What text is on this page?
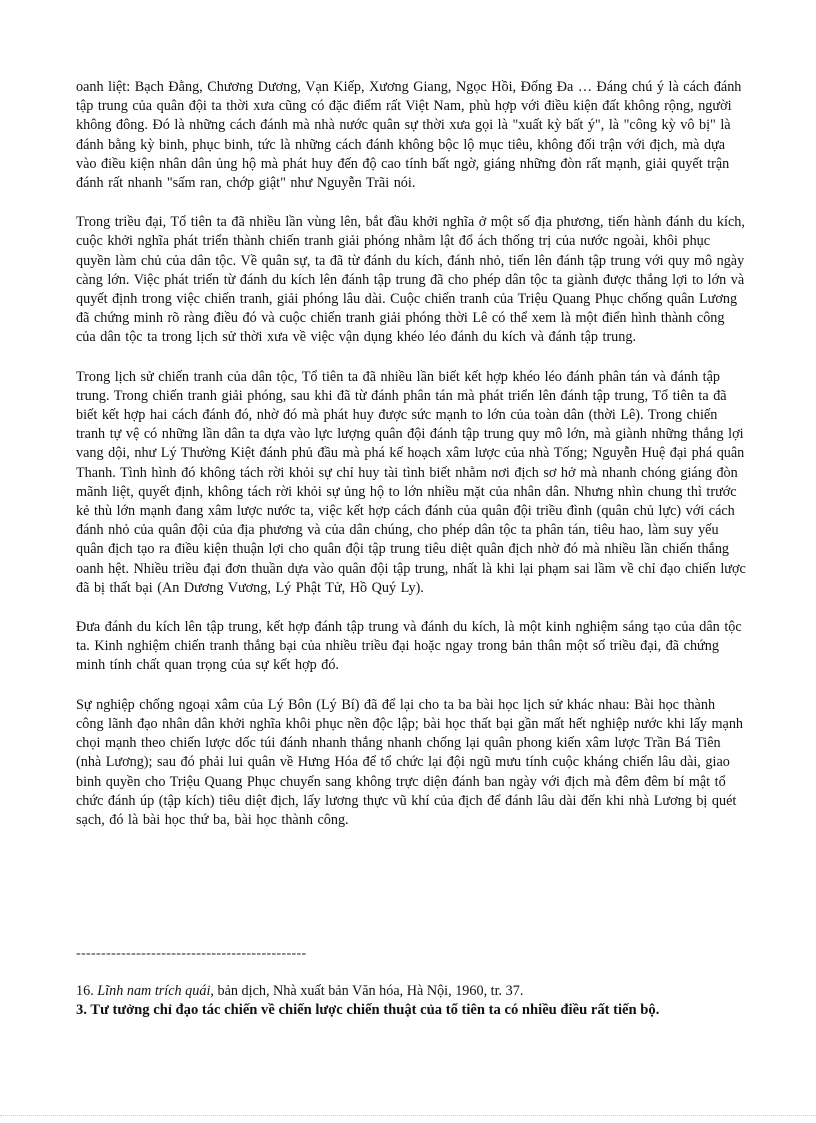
oanh liệt: Bạch Đằng, Chương Dương, Vạn Kiếp, Xương Giang, Ngọc Hồi, Đống Đa … Đáng chú ý là cách đánh tập trung của quân đội ta thời xưa cũng có đặc điểm rất Việt Nam, phù hợp với điều kiện đất không rộng, người không đông. Đó là những cách đánh mà nhà nước quân sự thời xưa gọi là "xuất kỳ bất ý", là "công kỳ vô bị" là đánh bằng kỳ binh, phục binh, tức là những cách đánh không bộc lộ mục tiêu, không đối trận với địch, mà dựa vào điều kiện nhân dân ủng hộ mà phát huy đến độ cao tính bất ngờ, giáng những đòn rất mạnh, giải quyết trận đánh rất nhanh "sấm ran, chớp giật" như Nguyễn Trãi nói.

Trong triều đại, Tổ tiên ta đã nhiều lần vùng lên, bắt đầu khởi nghĩa ở một số địa phương, tiến hành đánh du kích, cuộc khởi nghĩa phát triển thành chiến tranh giải phóng nhằm lật đổ ách thống trị của nước ngoài, khôi phục quyền làm chủ của dân tộc. Về quân sự, ta đã từ đánh du kích, đánh nhỏ, tiến lên đánh tập trung với quy mô ngày càng lớn. Việc phát triển từ đánh du kích lên đánh tập trung đã cho phép dân tộc ta giành được thắng lợi to lớn và quyết định trong việc chiến tranh, giải phóng lâu dài. Cuộc chiến tranh của Triệu Quang Phục chống quân Lương đã chứng minh rõ ràng điều đó và cuộc chiến tranh giải phóng thời Lê có thể xem là một điển hình thành công của dân tộc ta trong lịch sử thời xưa về việc vận dụng khéo léo đánh du kích và đánh tập trung.

Trong lịch sử chiến tranh của dân tộc, Tổ tiên ta đã nhiều lần biết kết hợp khéo léo đánh phân tán và đánh tập trung. Trong chiến tranh giải phóng, sau khi đã từ đánh phân tán mà phát triển lên đánh tập trung, Tổ tiên ta đã biết kết hợp hai cách đánh đó, nhờ đó mà phát huy được sức mạnh to lớn của toàn dân (thời Lê). Trong chiến tranh tự vệ có những lần dân ta dựa vào lực lượng quân đội đánh tập trung quy mô lớn, mà giành những thắng lợi vang dội, như Lý Thường Kiệt đánh phủ đầu mà phá kế hoạch xâm lược của nhà Tống; Nguyễn Huệ đại phá quân Thanh. Tình hình đó không tách rời khỏi sự chỉ huy tài tình biết nhằm nơi địch sơ hở mà nhanh chóng giáng đòn mãnh liệt, quyết định, không tách rời khỏi sự ủng hộ to lớn nhiều mặt của nhân dân. Nhưng nhìn chung thì trước kẻ thù lớn mạnh đang xâm lược nước ta, việc kết hợp cách đánh của quân đội triều đình (quân chủ lực) với cách đánh nhỏ của quân đội của địa phương và của dân chúng, cho phép dân tộc ta phân tán, tiêu hao, làm suy yếu quân địch tạo ra điều kiện thuận lợi cho quân đội tập trung tiêu diệt quân địch nhờ đó mà nhiều lần chiến thắng oanh hệt. Nhiều triều đại đơn thuần dựa vào quân đội tập trung, nhất là khi lại phạm sai lầm về chỉ đạo chiến lược đã bị thất bại (An Dương Vương, Lý Phật Tử, Hồ Quý Ly).

Đưa đánh du kích lên tập trung, kết hợp đánh tập trung và đánh du kích, là một kinh nghiệm sáng tạo của dân tộc ta. Kinh nghiệm chiến tranh thắng bại của nhiều triều đại hoặc ngay trong bản thân một số triều đại, đã chứng minh tính chất quan trọng của sự kết hợp đó.

Sự nghiệp chống ngoại xâm của Lý Bôn (Lý Bí) đã để lại cho ta ba bài học lịch sử khác nhau: Bài học thành công lãnh đạo nhân dân khởi nghĩa khôi phục nền độc lập; bài học thất bại gần mất hết nghiệp nước khi lấy mạnh chọi mạnh theo chiến lược dốc túi đánh nhanh thắng nhanh chống lại quân phong kiến xâm lược Trần Bá Tiên (nhà Lương); sau đó phải lui quân về Hưng Hóa để tổ chức lại đội ngũ mưu tính cuộc kháng chiến lâu dài, giao binh quyền cho Triệu Quang Phục chuyển sang không trực diện đánh ban ngày với địch mà đêm đêm bí mật tổ chức đánh úp (tập kích) tiêu diệt địch, lấy lương thực vũ khí của địch để đánh lâu dài đến khi nhà Lương bị quét sạch, đó là bài học thứ ba, bài học thành công.

----------------------------------------------
16. Lĩnh nam trích quái, bản dịch, Nhà xuất bản Văn hóa, Hà Nội, 1960, tr. 37.
3. Tư tưởng chỉ đạo tác chiến về chiến lược chiến thuật của tổ tiên ta có nhiều điều rất tiến bộ.
